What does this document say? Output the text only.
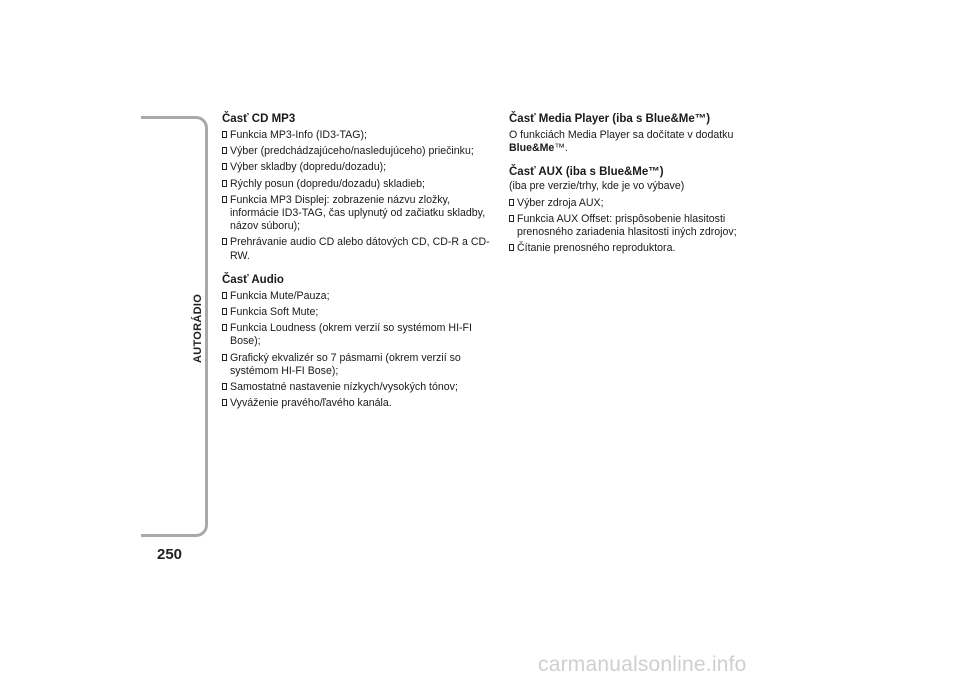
AUTORÁDIO
250
Časť CD MP3
Funkcia MP3-Info (ID3-TAG);
Výber (predchádzajúceho/nasledujúceho) priečinku;
Výber skladby (dopredu/dozadu);
Rýchly posun (dopredu/dozadu) skladieb;
Funkcia MP3 Displej: zobrazenie názvu zložky, informácie ID3-TAG, čas uplynutý od začiatku skladby, názov súboru);
Prehrávanie audio CD alebo dátových CD, CD-R a CD-RW.
Časť Audio
Funkcia Mute/Pauza;
Funkcia Soft Mute;
Funkcia Loudness (okrem verzií so systémom HI-FI Bose);
Grafický ekvalizér so 7 pásmami (okrem verzií so systémom HI-FI Bose);
Samostatné nastavenie nízkych/vysokých tónov;
Vyváženie pravého/ľavého kanála.
Časť Media Player (iba s Blue&Me™)

O funkciách Media Player sa dočítate v dodatku Blue&Me™.

Časť AUX (iba s Blue&Me™)

(iba pre verzie/trhy, kde je vo výbave)

Výber zdroja AUX;
Funkcia AUX Offset: prispôsobenie hlasitosti prenosného zariadenia hlasitosti iných zdrojov;
Čítanie prenosného reproduktora.
carmanualsonline.info
